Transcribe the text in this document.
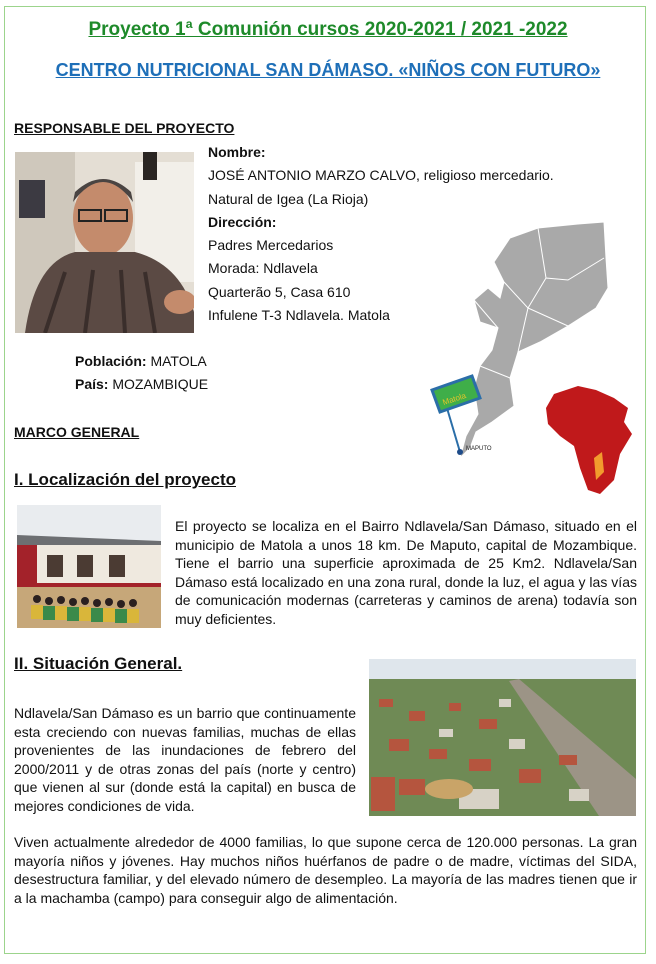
Proyecto 1ª Comunión cursos 2020-2021 / 2021 -2022
CENTRO NUTRICIONAL SAN DÁMASO. «NIÑOS CON FUTURO»
RESPONSABLE DEL PROYECTO
Nombre:
JOSÉ ANTONIO MARZO CALVO, religioso mercedario.
Natural de Igea (La Rioja)
Dirección:
Padres Mercedarios
Morada: Ndlavela
Quarterão 5, Casa 610
Infulene T-3 Ndlavela. Matola
Población: MATOLA
País: MOZAMBIQUE
Matola
MAPUTO
MARCO GENERAL
I. Localización del proyecto
El proyecto se localiza en el Bairro Ndlavela/San Dámaso, situado en el municipio de Matola a unos 18 km. De Maputo, capital de Mozambique. Tiene el barrio una superficie aproximada de 25 Km2. Ndlavela/San Dámaso está localizado en una zona rural, donde la luz, el agua y las vías de comunicación modernas (carreteras y caminos de arena) todavía son muy deficientes.
II. Situación General.
Ndlavela/San Dámaso es un barrio que continuamente esta creciendo con nuevas familias, muchas de ellas provenientes de las inundaciones de febrero del 2000/2011 y de otras zonas del país (norte y centro) que vienen al sur (donde está la capital) en busca de mejores condiciones de vida.
Viven actualmente alrededor de 4000 familias, lo que supone cerca de 120.000 personas. La gran mayoría niños y jóvenes. Hay muchos niños huérfanos de padre o de madre, víctimas del SIDA, desestructura familiar, y del elevado número de desempleo. La mayoría de las madres tienen que ir a la machamba (campo) para conseguir algo de alimentación.
